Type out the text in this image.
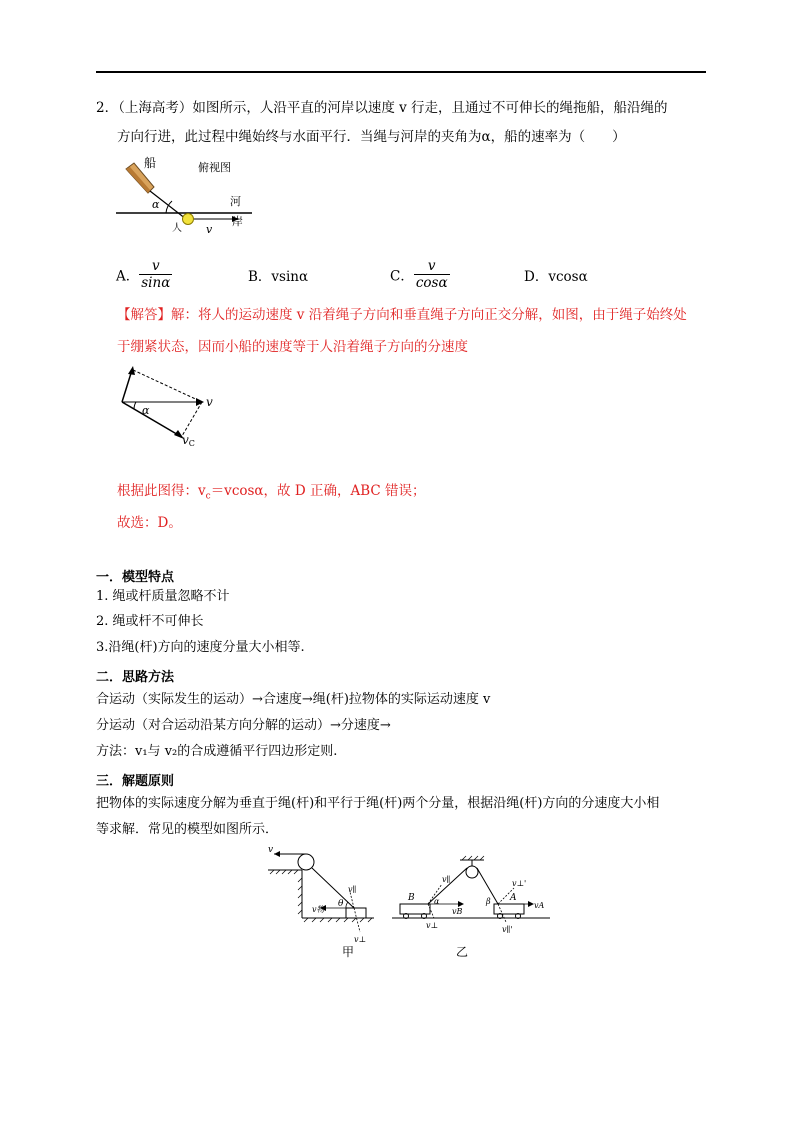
2．（上海高考）如图所示，人沿平直的河岸以速度 v 行走，且通过不可伸长的绳拖船，船沿绳的
方向行进，此过程中绳始终与水面平行．当绳与河岸的夹角为α，船的速率为（　　）
船	俯视图
河
岸
α
人 v
A． $\frac{v}{\sin\alpha}$	B．vsinα	C． $\frac{v}{\cos\alpha}$	D．vcosα
【解答】解：将人的运动速度 v 沿着绳子方向和垂直绳子方向正交分解，如图，由于绳子始终处
于绷紧状态，因而小船的速度等于人沿着绳子方向的分速度
α
v
vC
根据此图得：$v_c=vcos\alpha$，故 D 正确，ABC 错误；
故选：D。
一．模型特点
1. 绳或杆质量忽略不计
2. 绳或杆不可伸长
3.沿绳(杆)方向的速度分量大小相等.
二．思路方法
合运动（实际发生的运动）→合速度→绳(杆)拉物体的实际运动速度 v
分运动（对合运动沿某方向分解的运动）→分速度→
方法：v₁与 v₂的合成遵循平行四边形定则.
三．解题原则
把物体的实际速度分解为垂直于绳(杆)和平行于绳(杆)两个分量，根据沿绳(杆)方向的分速度大小相
等求解．常见的模型如图所示．
v
v∥
v物
θ
v⊥
甲
B	A
α	β
vB
vA
v∥
v⊥
v⊥'
v∥'
乙
